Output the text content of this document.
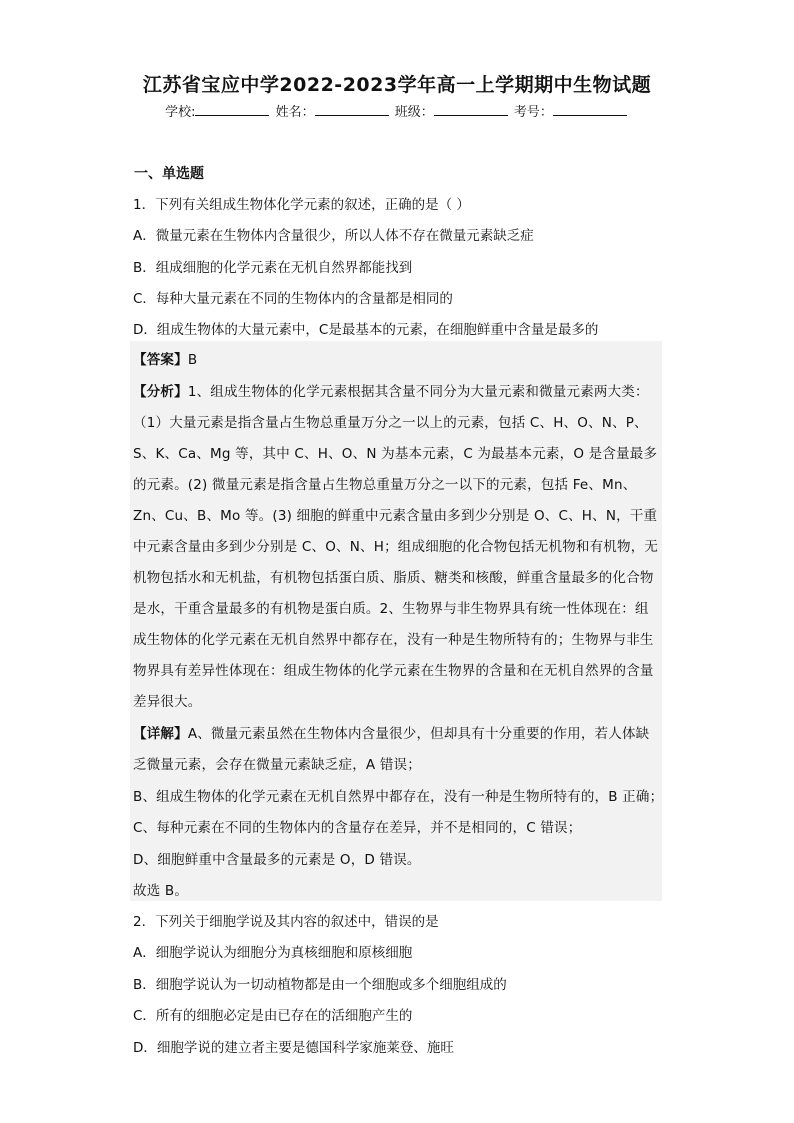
江苏省宝应中学2022-2023学年高一上学期期中生物试题
学校:	姓名：	班级：	考号：
一、单选题
1．下列有关组成生物体化学元素的叙述，正确的是（ ）
A．微量元素在生物体内含量很少，所以人体不存在微量元素缺乏症
B．组成细胞的化学元素在无机自然界都能找到
C．每种大量元素在不同的生物体内的含量都是相同的
D．组成生物体的大量元素中，C是最基本的元素，在细胞鲜重中含量是最多的
【答案】B
【分析】1、组成生物体的化学元素根据其含量不同分为大量元素和微量元素两大类：
（1）大量元素是指含量占生物总重量万分之一以上的元素，包括 C、H、O、N、P、
S、K、Ca、Mg 等，其中 C、H、O、N 为基本元素，C 为最基本元素，O 是含量最多
的元素。(2) 微量元素是指含量占生物总重量万分之一以下的元素，包括 Fe、Mn、
Zn、Cu、B、Mo 等。(3) 细胞的鲜重中元素含量由多到少分别是 O、C、H、N，干重
中元素含量由多到少分别是 C、O、N、H；组成细胞的化合物包括无机物和有机物，无
机物包括水和无机盐，有机物包括蛋白质、脂质、糖类和核酸，鲜重含量最多的化合物
是水，干重含量最多的有机物是蛋白质。2、生物界与非生物界具有统一性体现在：组
成生物体的化学元素在无机自然界中都存在，没有一种是生物所特有的；生物界与非生
物界具有差异性体现在：组成生物体的化学元素在生物界的含量和在无机自然界的含量
差异很大。
【详解】A、微量元素虽然在生物体内含量很少，但却具有十分重要的作用，若人体缺
乏微量元素，会存在微量元素缺乏症，A 错误；
B、组成生物体的化学元素在无机自然界中都存在，没有一种是生物所特有的，B 正确；
C、每种元素在不同的生物体内的含量存在差异，并不是相同的，C 错误；
D、细胞鲜重中含量最多的元素是 O，D 错误。
故选 B。
2．下列关于细胞学说及其内容的叙述中，错误的是
A．细胞学说认为细胞分为真核细胞和原核细胞
B．细胞学说认为一切动植物都是由一个细胞或多个细胞组成的
C．所有的细胞必定是由已存在的活细胞产生的
D．细胞学说的建立者主要是德国科学家施莱登、施旺
